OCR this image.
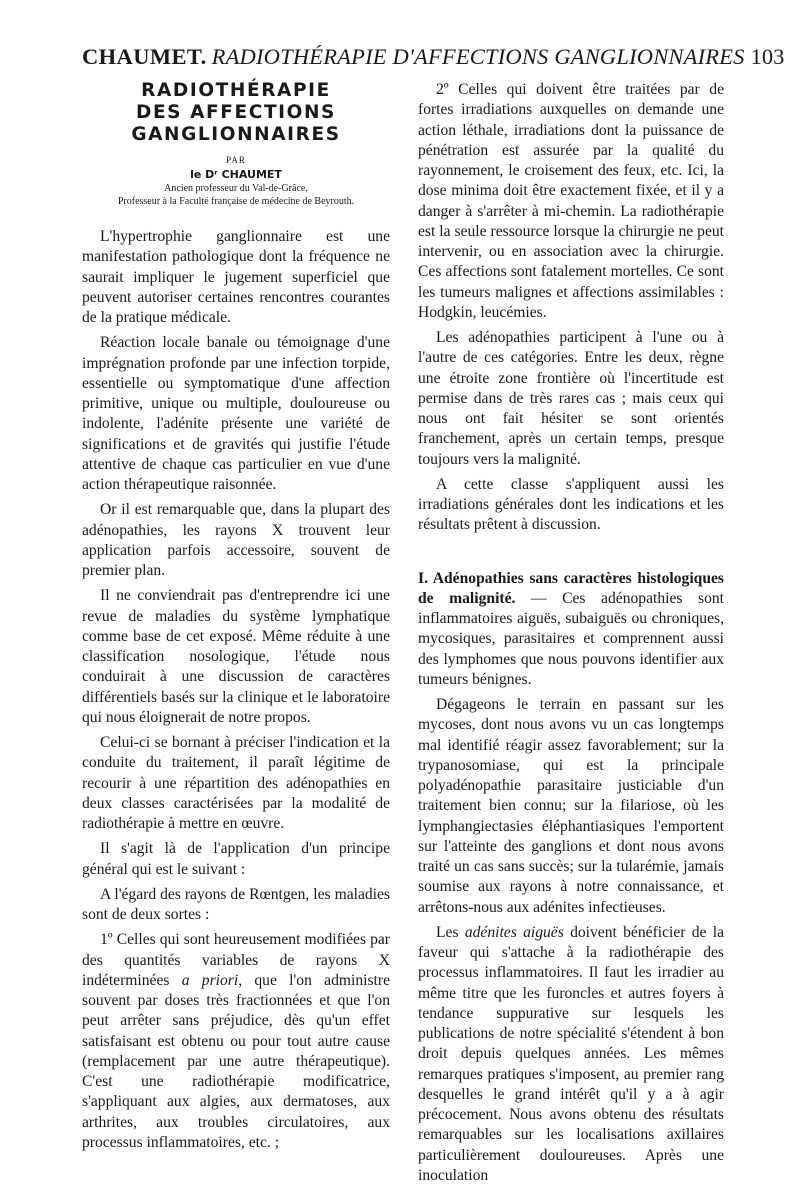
CHAUMET. RADIOTHÉRAPIE D'AFFECTIONS GANGLIONNAIRES 103
RADIOTHÉRAPIE
DES AFFECTIONS
GANGLIONNAIRES
PAR
le Dʳ CHAUMET
Ancien professeur du Val-de-Grâce,
Professeur à la Faculté française de médecine de Beyrouth.

L'hypertrophie ganglionnaire est une manifestation pathologique dont la fréquence ne saurait impliquer le jugement superficiel que peuvent autoriser certaines rencontres courantes de la pratique médicale.

Réaction locale banale ou témoignage d'une imprégnation profonde par une infection torpide, essentielle ou symptomatique d'une affection primitive, unique ou multiple, douloureuse ou indolente, l'adénite présente une variété de significations et de gravités qui justifie l'étude attentive de chaque cas particulier en vue d'une action thérapeutique raisonnée.

Or il est remarquable que, dans la plupart des adénopathies, les rayons X trouvent leur application parfois accessoire, souvent de premier plan.

Il ne conviendrait pas d'entreprendre ici une revue de maladies du système lymphatique comme base de cet exposé. Même réduite à une classification nosologique, l'étude nous conduirait à une discussion de caractères différentiels basés sur la clinique et le laboratoire qui nous éloignerait de notre propos.

Celui-ci se bornant à préciser l'indication et la conduite du traitement, il paraît légitime de recourir à une répartition des adénopathies en deux classes caractérisées par la modalité de radiothérapie à mettre en œuvre.

Il s'agit là de l'application d'un principe général qui est le suivant :

A l'égard des rayons de Rœntgen, les maladies sont de deux sortes :

1º Celles qui sont heureusement modifiées par des quantités variables de rayons X indéterminées a priori, que l'on administre souvent par doses très fractionnées et que l'on peut arrêter sans préjudice, dès qu'un effet satisfaisant est obtenu ou pour tout autre cause (remplacement par une autre thérapeutique). C'est une radiothérapie modificatrice, s'appliquant aux algies, aux dermatoses, aux arthrites, aux troubles circulatoires, aux processus inflammatoires, etc. ;

2º Celles qui doivent être traitées par de fortes irradiations auxquelles on demande une action léthale, irradiations dont la puissance de pénétration est assurée par la qualité du rayonnement, le croisement des feux, etc. Ici, la dose minima doit être exactement fixée, et il y a danger à s'arrêter à mi-chemin. La radiothérapie est la seule ressource lorsque la chirurgie ne peut intervenir, ou en association avec la chirurgie. Ces affections sont fatalement mortelles. Ce sont les tumeurs malignes et affections assimilables : Hodgkin, leucémies.

Les adénopathies participent à l'une ou à l'autre de ces catégories. Entre les deux, règne une étroite zone frontière où l'incertitude est permise dans de très rares cas ; mais ceux qui nous ont fait hésiter se sont orientés franchement, après un certain temps, presque toujours vers la malignité.

A cette classe s'appliquent aussi les irradiations générales dont les indications et les résultats prêtent à discussion.

I. Adénopathies sans caractères histologiques de malignité. — Ces adénopathies sont inflammatoires aiguës, subaiguës ou chroniques, mycosiques, parasitaires et comprennent aussi des lymphomes que nous pouvons identifier aux tumeurs bénignes.

Dégageons le terrain en passant sur les mycoses, dont nous avons vu un cas longtemps mal identifié réagir assez favorablement; sur la trypanosomiase, qui est la principale polyadénopathie parasitaire justiciable d'un traitement bien connu; sur la filariose, où les lymphangiectasies éléphantiasiques l'emportent sur l'atteinte des ganglions et dont nous avons traité un cas sans succès; sur la tularémie, jamais soumise aux rayons à notre connaissance, et arrêtons-nous aux adénites infectieuses.

Les adénites aiguës doivent bénéficier de la faveur qui s'attache à la radiothérapie des processus inflammatoires. Il faut les irradier au même titre que les furoncles et autres foyers à tendance suppurative sur lesquels les publications de notre spécialité s'étendent à bon droit depuis quelques années. Les mêmes remarques pratiques s'imposent, au premier rang desquelles le grand intérêt qu'il y a à agir précocement. Nous avons obtenu des résultats remarquables sur les localisations axillaires particulièrement douloureuses. Après une inoculation
